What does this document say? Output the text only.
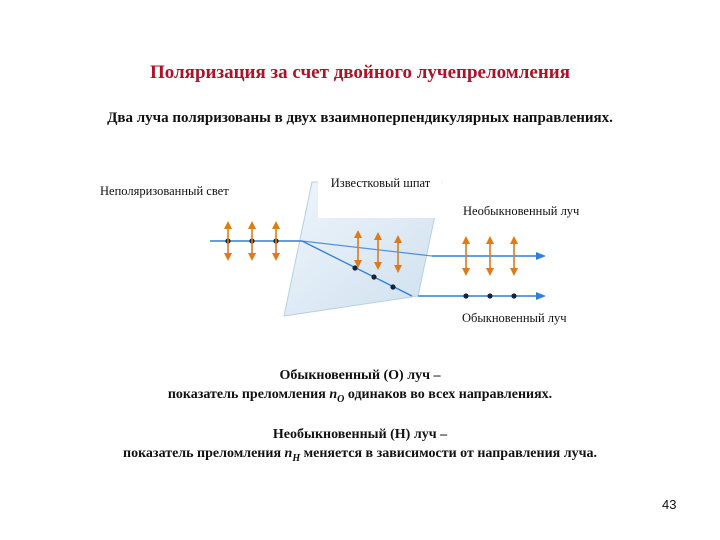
Поляризация за счет двойного лучепреломления
Два луча поляризованы в двух взаимноперпендикулярных направлениях.
Неполяризованный свет
Известковый шпат
Необыкновенный луч
Обыкновенный луч
Обыкновенный (О) луч –
показатель преломления $n_O$ одинаков во всех направлениях.
Необыкновенный (Н) луч –
показатель преломления $n_H$ меняется в зависимости от направления луча.
43
